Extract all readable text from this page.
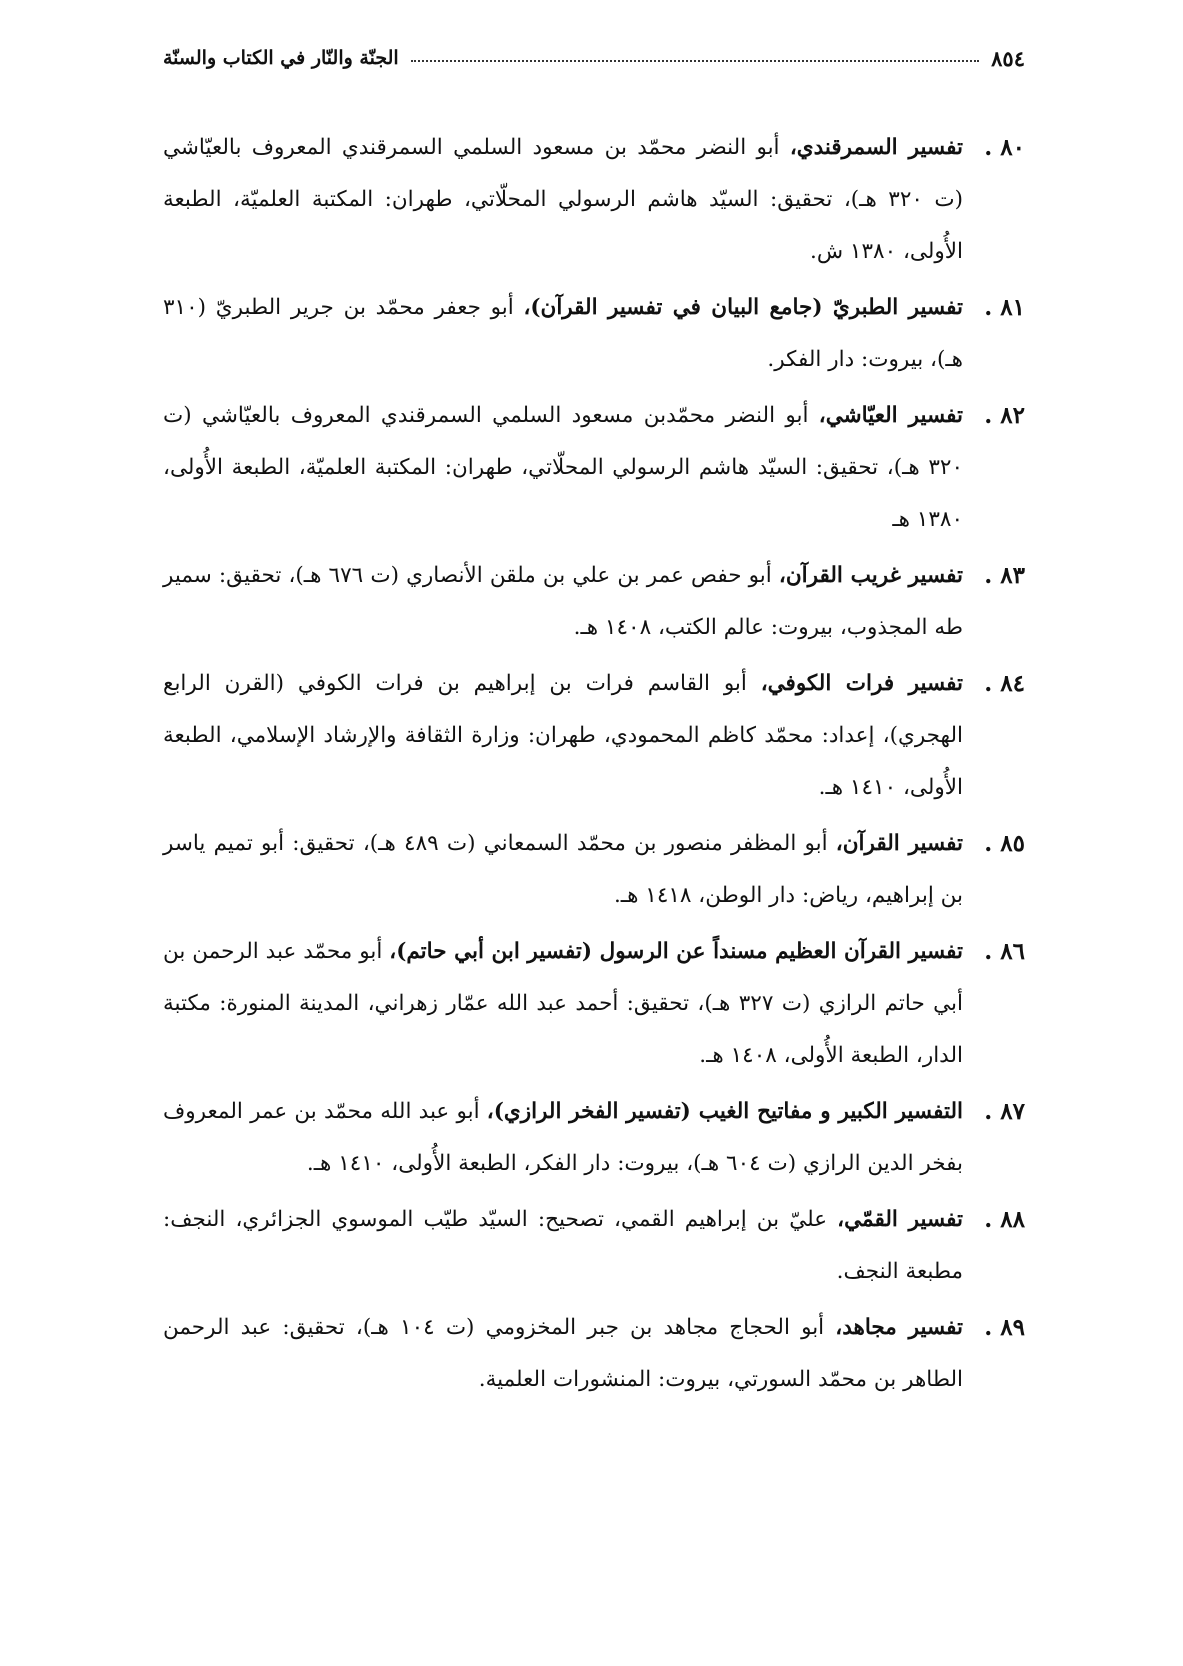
٨٥٤
الجنّة والنّار في الكتاب والسنّة
٨٠ .
تفسير السمرقندي، أبو النضر محمّد بن مسعود السلمي السمرقندي المعروف بالعيّاشي (ت ٣٢٠ هـ)، تحقيق: السيّد هاشم الرسولي المحلّاتي، طهران: المكتبة العلميّة، الطبعة الأُولى، ١٣٨٠ ش.
٨١ .
تفسير الطبريّ (جامع البيان في تفسير القرآن)، أبو جعفر محمّد بن جرير الطبريّ (٣١٠ هـ)، بيروت: دار الفكر.
٨٢ .
تفسير العيّاشي، أبو النضر محمّدبن مسعود السلمي السمرقندي المعروف بالعيّاشي (ت ٣٢٠ هـ)، تحقيق: السيّد هاشم الرسولي المحلّاتي، طهران: المكتبة العلميّة، الطبعة الأُولى، ١٣٨٠ هـ
٨٣ .
تفسير غريب القرآن، أبو حفص عمر بن علي بن ملقن الأنصاري (ت ٦٧٦ هـ)، تحقيق: سمير طه المجذوب، بيروت: عالم الكتب، ١٤٠٨ هـ.
٨٤ .
تفسير فرات الكوفي، أبو القاسم فرات بن إبراهيم بن فرات الكوفي (القرن الرابع الهجري)، إعداد: محمّد كاظم المحمودي، طهران: وزارة الثقافة والإرشاد الإسلامي، الطبعة الأُولى، ١٤١٠ هـ.
٨٥ .
تفسير القرآن، أبو المظفر منصور بن محمّد السمعاني (ت ٤٨٩ هـ)، تحقيق: أبو تميم ياسر بن إبراهيم، رياض: دار الوطن، ١٤١٨ هـ.
٨٦ .
تفسير القرآن العظيم مسنداً عن الرسول (تفسير ابن أبي حاتم)، أبو محمّد عبد الرحمن بن أبي حاتم الرازي (ت ٣٢٧ هـ)، تحقيق: أحمد عبد الله عمّار زهراني، المدينة المنورة: مكتبة الدار، الطبعة الأُولى، ١٤٠٨ هـ.
٨٧ .
التفسير الكبير و مفاتيح الغيب (تفسير الفخر الرازي)، أبو عبد الله محمّد بن عمر المعروف بفخر الدين الرازي (ت ٦٠٤ هـ)، بيروت: دار الفكر، الطبعة الأُولى، ١٤١٠ هـ.
٨٨ .
تفسير القمّي، عليّ بن إبراهيم القمي، تصحيح: السيّد طيّب الموسوي الجزائري، النجف: مطبعة النجف.
٨٩ .
تفسير مجاهد، أبو الحجاج مجاهد بن جبر المخزومي (ت ١٠٤ هـ)، تحقيق: عبد الرحمن الطاهر بن محمّد السورتي، بيروت: المنشورات العلمية.
